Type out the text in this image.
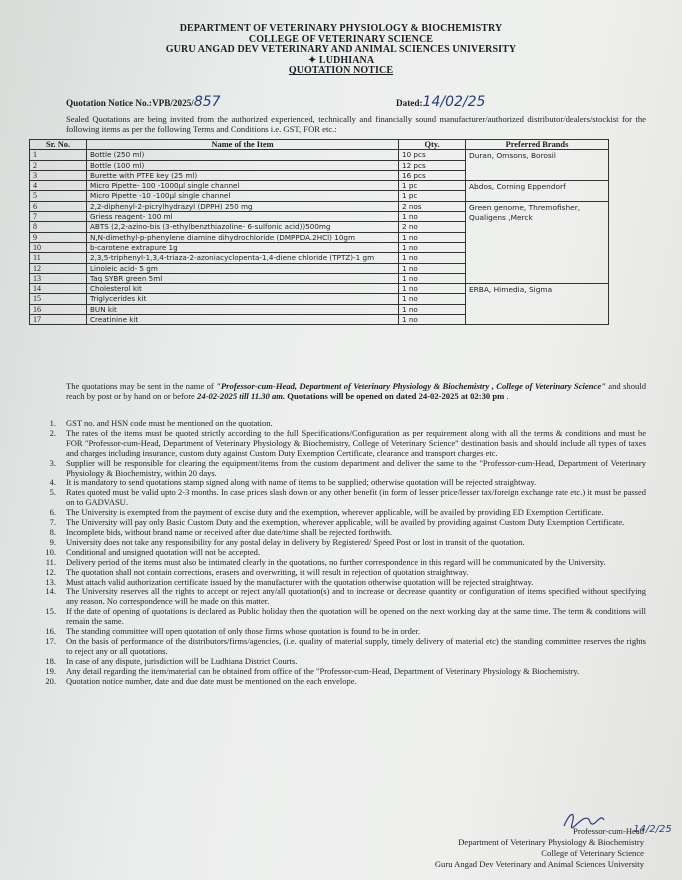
DEPARTMENT OF VETERINARY PHYSIOLOGY & BIOCHEMISTRY
COLLEGE OF VETERINARY SCIENCE
GURU ANGAD DEV VETERINARY AND ANIMAL SCIENCES UNIVERSITY
✦ LUDHIANA
QUOTATION NOTICE
Quotation Notice No.:VPB/2025/857	Dated:14/02/25
Sealed Quotations are being invited from the authorized experienced, technically and financially sound manufacturer/authorized distributor/dealers/stockist for the following items as per the following Terms and Conditions i.e. GST, FOR etc.:
Sr. No.	Name of the Item	Qty.	Preferred Brands
1	Bottle (250 ml)	10 pcs	Duran, Omsons, Borosil
2	Bottle (100 ml)	12 pcs	
3	Burette with PTFE key (25 ml)	16 pcs	
4	Micro Pipette- 100 -1000µl single channel	1 pc	Abdos, Corning Eppendorf
5	Micro Pipette -10 -100µl single channel	1 pc	
6	2,2-diphenyl-2-picrylhydrazyl (DPPH) 250 mg	2 nos	Green genome, Thremofisher, Qualigens ,Merck
7	Griess reagent- 100 ml	1 no	
8	ABTS (2,2-azino-bis (3-ethylbenzthiazoline- 6-sulfonic acid))500mg	2 no	
9	N,N-dimethyl-p-phenylene diamine dihydrochloride (DMPPDA.2HCl) 10gm	1 no	
10	b-carotene extrapure 1g	1 no	
11	2,3,5-triphenyl-1,3,4-triaza-2-azoniacyclopenta-1,4-diene chloride (TPTZ)-1 gm	1 no	
12	Linoleic acid- 5 gm	1 no	
13	Taq SYBR green 5ml	1 no	
14	Cholesterol kit	1 no	ERBA, Himedia, Sigma
15	Triglycerides kit	1 no	
16	BUN kit	1 no	
17	Creatinine kit	1 no	
The quotations may be sent in the name of "Professor-cum-Head, Department of Veterinary Physiology & Biochemistry , College of Veterinary Science" and should reach by post or by hand on or before 24-02-2025 till 11.30 am. Quotations will be opened on dated 24-02-2025 at 02:30 pm .
1. GST no. and HSN code must be mentioned on the quotation.
2. The rates of the items must be quoted strictly according to the full Specifications/Configuration as per requirement along with all the terms & conditions and must be FOR "Professor-cum-Head, Department of Veterinary Physiology & Biochemistry, College of Veterinary Science" destination basis and should include all types of taxes and charges including insurance, custom duty against Custom Duty Exemption Certificate, clearance and transport charges etc.
3. Supplier will be responsible for clearing the equipment/items from the custom department and deliver the same to the "Professor-cum-Head, Department of Veterinary Physiology & Biochemistry, within 20 days.
4. It is mandatory to send quotations stamp signed along with name of items to be supplied; otherwise quotation will be rejected straightway.
5. Rates quoted must be valid upto 2-3 months. In case prices slash down or any other benefit (in form of lesser price/lesser tax/foreign exchange rate etc.) it must be passed on to GADVASU.
6. The University is exempted from the payment of excise duty and the exemption, wherever applicable, will be availed by providing ED Exemption Certificate.
7. The University will pay only Basic Custom Duty and the exemption, wherever applicable, will be availed by providing against Custom Duty Exemption Certificate.
8. Incomplete bids, without brand name or received after due date/time shall be rejected forthwith.
9. University does not take any responsibility for any postal delay in delivery by Registered/ Speed Post or lost in transit of the quotation.
10. Conditional and unsigned quotation will not be accepted.
11. Delivery period of the items must also be intimated clearly in the quotations, no further correspondence in this regard will be communicated by the University.
12. The quotation shall not contain corrections, erasers and overwriting, it will result in rejection of quotation straightway.
13. Must attach valid authorization certificate issued by the manufacturer with the quotation otherwise quotation will be rejected straightway.
14. The University reserves all the rights to accept or reject any/all quotation(s) and to increase or decrease quantity or configuration of items specified without specifying any reason. No correspondence will be made on this matter.
15. If the date of opening of quotations is declared as Public holiday then the quotation will be opened on the next working day at the same time. The term & conditions will remain the same.
16. The standing committee will open quotation of only those firms whose quotation is found to be in order.
17. On the basis of performance of the distributors/firms/agencies, (i.e. quality of material supply, timely delivery of material etc) the standing committee reserves the rights to reject any or all quotations.
18. In case of any dispute, jurisdiction will be Ludhiana District Courts.
19. Any detail regarding the item/material can be obtained from office of the "Professor-cum-Head, Department of Veterinary Physiology & Biochemistry.
20. Quotation notice number, date and due date must be mentioned on the each envelope.
14/2/25
Professor-cum-Head
Department of Veterinary Physiology & Biochemistry
College of Veterinary Science
Guru Angad Dev Veterinary and Animal Sciences University
